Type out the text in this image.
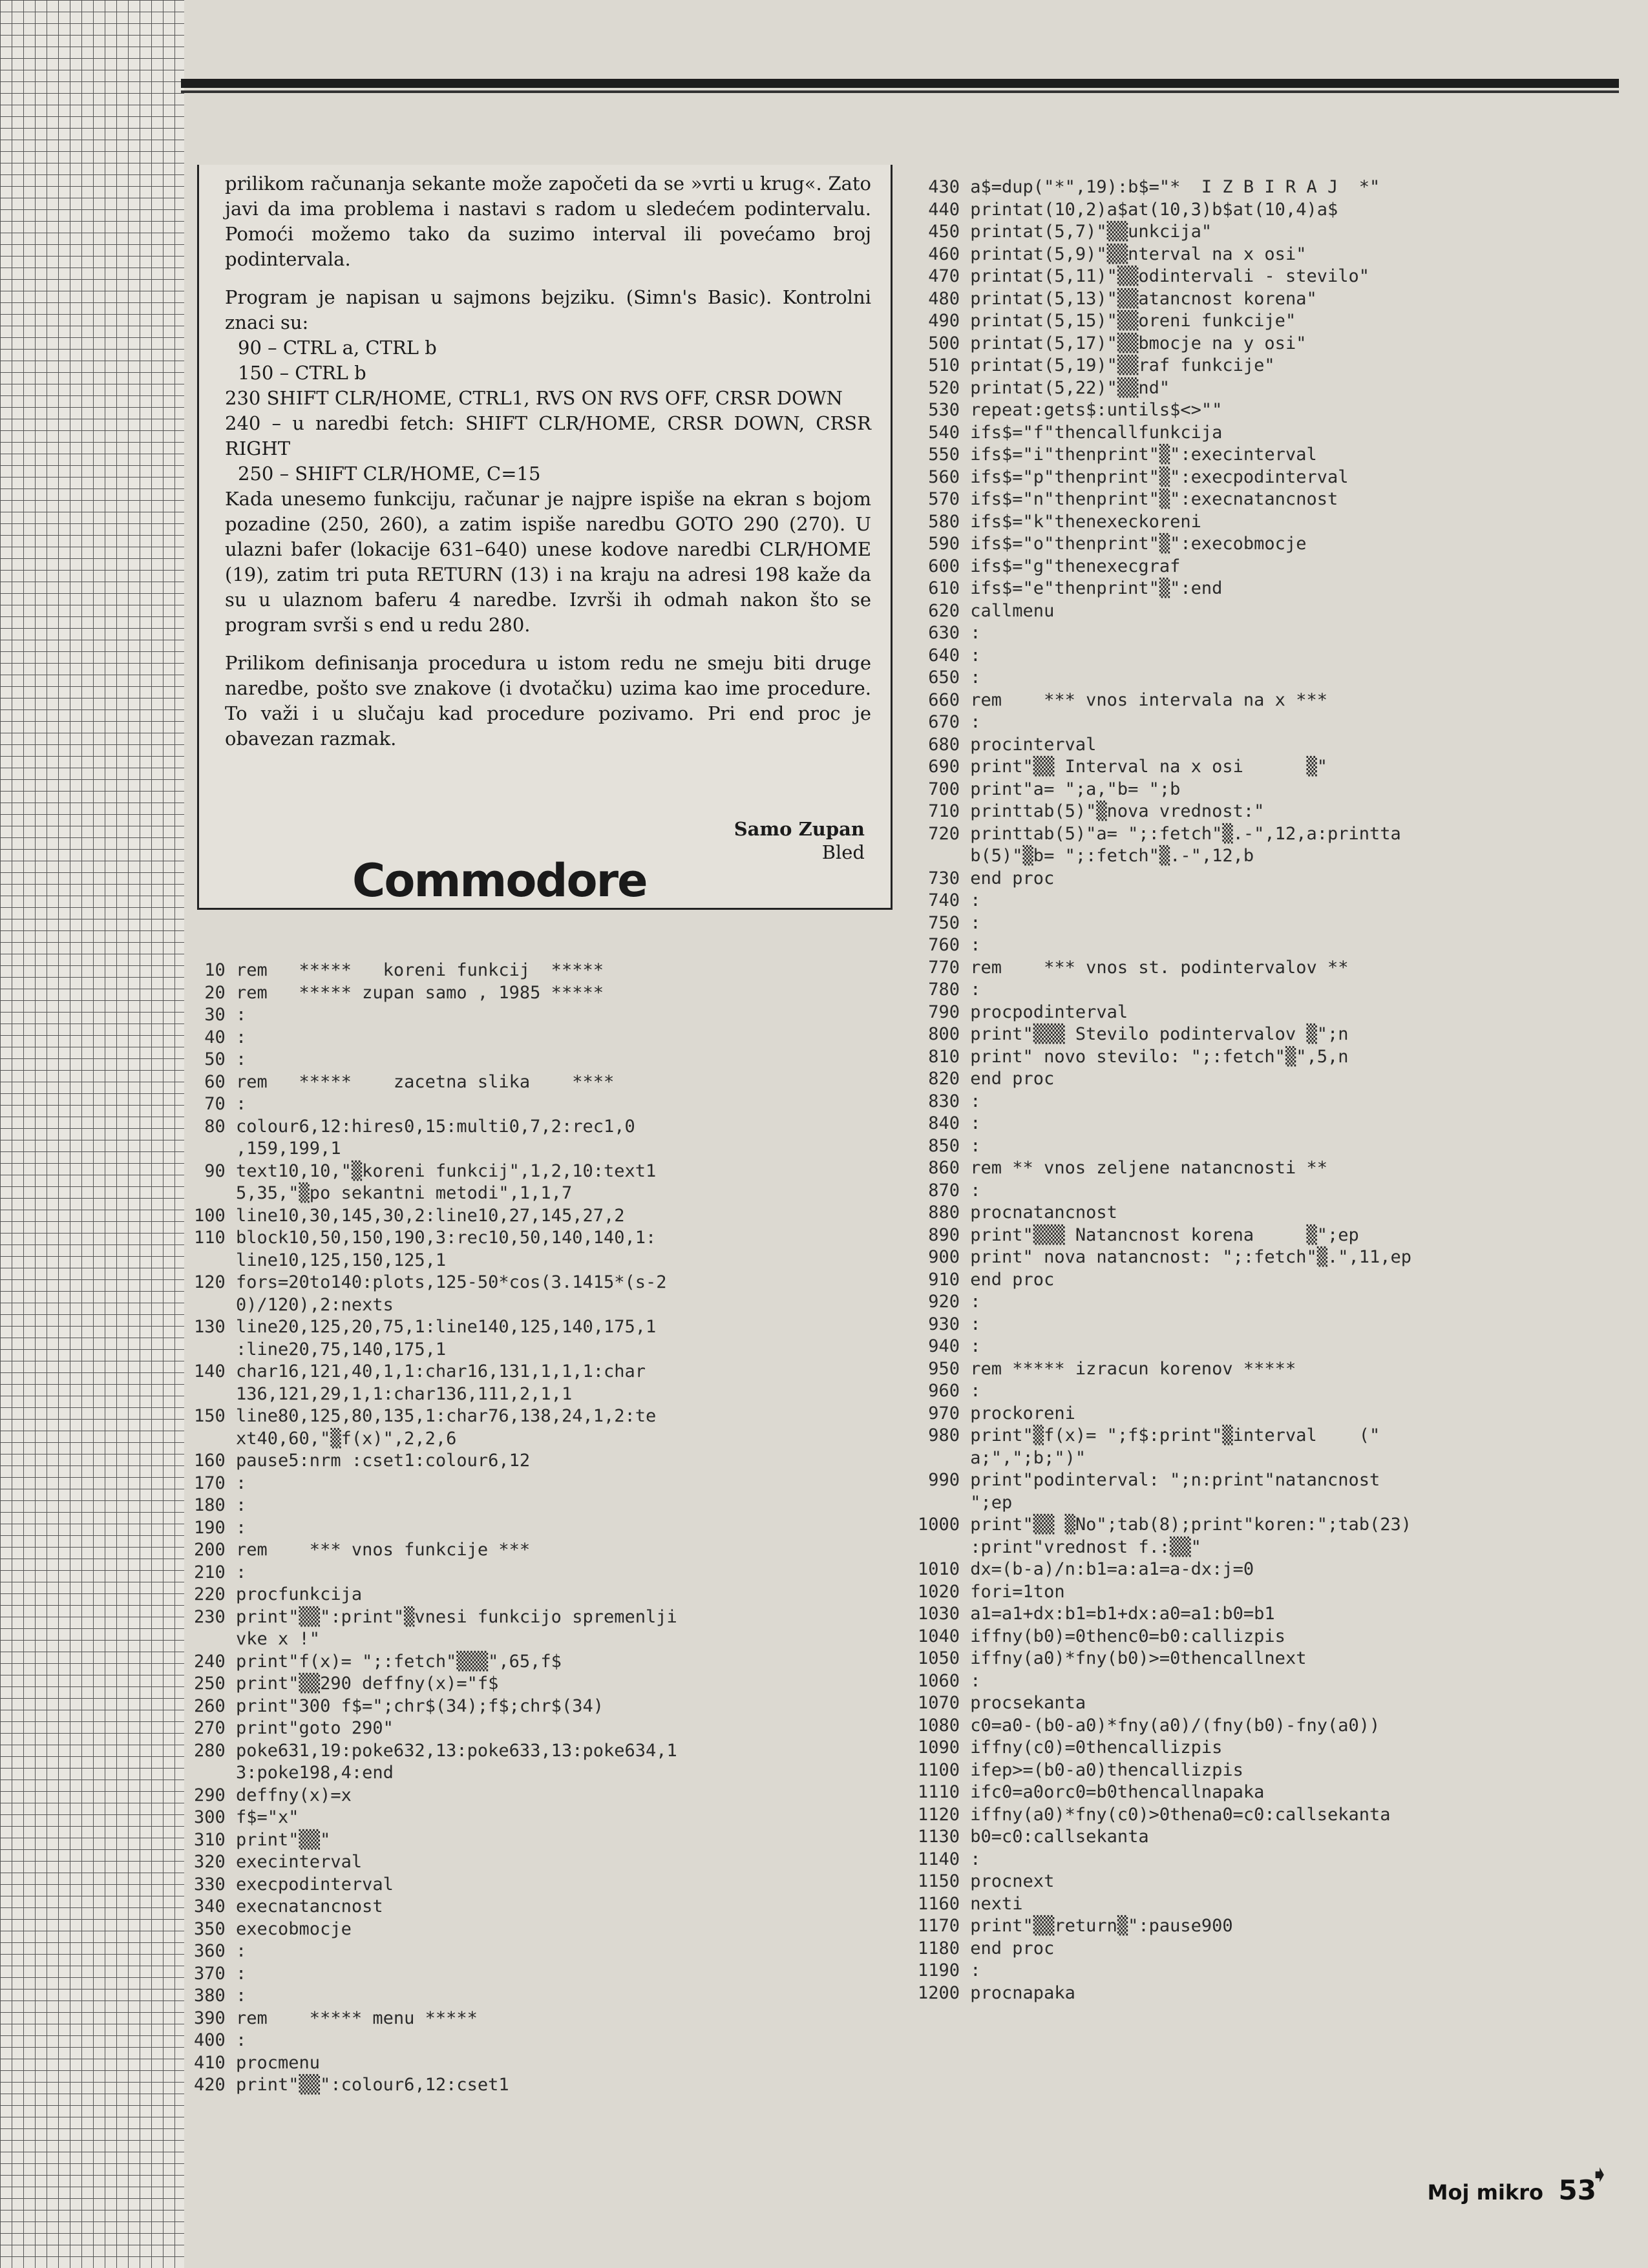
prilikom računanja sekante može započeti da se »vrti u krug«. Zato javi da ima problema i nastavi s radom u sledećem podintervalu. Pomoći možemo tako da suzimo interval ili povećamo broj podintervala.

Program je napisan u sajmons bejziku. (Simn's Basic). Kontrolni znaci su:

90 – CTRL a, CTRL b
150 – CTRL b
230 SHIFT CLR/HOME, CTRL1, RVS ON RVS OFF, CRSR DOWN
240 – u naredbi fetch: SHIFT CLR/HOME, CRSR DOWN, CRSR RIGHT
250 – SHIFT CLR/HOME, C=15

Kada unesemo funkciju, računar je najpre ispiše na ekran s bojom pozadine (250, 260), a zatim ispiše naredbu GOTO 290 (270). U ulazni bafer (lokacije 631–640) unese kodove naredbi CLR/HOME (19), zatim tri puta RETURN (13) i na kraju na adresi 198 kaže da su u ulaznom baferu 4 naredbe. Izvrši ih odmah nakon što se program svrši s end u redu 280.

Prilikom definisanja procedura u istom redu ne smeju biti druge naredbe, pošto sve znakove (i dvotačku) uzima kao ime procedure. To važi i u slučaju kad procedure pozivamo. Pri end proc je obavezan razmak.

Samo Zupan
Bled
Commodore
10 rem   *****   koreni funkcij  *****
20 rem   ***** zupan samo , 1985 *****
30 :
40 :
50 :
60 rem   *****    zacetna slika    ****
70 :
80 colour6,12:hires0,15:multi0,7,2:rec1,0
,159,199,1
90 text10,10,"▒koreni funkcij",1,2,10:text1
5,35,"▒po sekantni metodi",1,1,7
100 line10,30,145,30,2:line10,27,145,27,2
110 block10,50,150,190,3:rec10,50,140,140,1:
line10,125,150,125,1
120 fors=20to140:plots,125-50*cos(3.1415*(s-2
0)/120),2:nexts
130 line20,125,20,75,1:line140,125,140,175,1
:line20,75,140,175,1
140 char16,121,40,1,1:char16,131,1,1,1:char
136,121,29,1,1:char136,111,2,1,1
150 line80,125,80,135,1:char76,138,24,1,2:te
xt40,60,"▒f(x)",2,2,6
160 pause5:nrm :cset1:colour6,12
170 :
180 :
190 :
200 rem    *** vnos funkcije ***
210 :
220 procfunkcija
230 print"▒▒":print"▒vnesi funkcijo spremenlji
vke x !"
240 print"f(x)= ";:fetch"▒▒▒",65,f$
250 print"▒▒290 deffny(x)="f$
260 print"300 f$=";chr$(34);f$;chr$(34)
270 print"goto 290"
280 poke631,19:poke632,13:poke633,13:poke634,1
3:poke198,4:end
290 deffny(x)=x
300 f$="x"
310 print"▒▒"
320 execinterval
330 execpodinterval
340 execnatancnost
350 execobmocje
360 :
370 :
380 :
390 rem    ***** menu *****
400 :
410 procmenu
420 print"▒▒":colour6,12:cset1
430 a$=dup("*",19):b$="*  I Z B I R A J  *"
440 printat(10,2)a$at(10,3)b$at(10,4)a$
450 printat(5,7)"▒▒unkcija"
460 printat(5,9)"▒▒nterval na x osi"
470 printat(5,11)"▒▒odintervali - stevilo"
480 printat(5,13)"▒▒atancnost korena"
490 printat(5,15)"▒▒oreni funkcije"
500 printat(5,17)"▒▒bmocje na y osi"
510 printat(5,19)"▒▒raf funkcije"
520 printat(5,22)"▒▒nd"
530 repeat:gets$:untils$<>""
540 ifs$="f"thencallfunkcija
550 ifs$="i"thenprint"▒":execinterval
560 ifs$="p"thenprint"▒":execpodinterval
570 ifs$="n"thenprint"▒":execnatancnost
580 ifs$="k"thenexeckoreni
590 ifs$="o"thenprint"▒":execobmocje
600 ifs$="g"thenexecgraf
610 ifs$="e"thenprint"▒":end
620 callmenu
630 :
640 :
650 :
660 rem    *** vnos intervala na x ***
670 :
680 procinterval
690 print"▒▒ Interval na x osi      ▒"
700 print"a= ";a,"b= ";b
710 printtab(5)"▒nova vrednost:"
720 printtab(5)"a= ";:fetch"▒.-",12,a:printta
b(5)"▒b= ";:fetch"▒.-",12,b
730 end proc
740 :
750 :
760 :
770 rem    *** vnos st. podintervalov **
780 :
790 procpodinterval
800 print"▒▒▒ Stevilo podintervalov ▒";n
810 print" novo stevilo: ";:fetch"▒",5,n
820 end proc
830 :
840 :
850 :
860 rem ** vnos zeljene natancnosti **
870 :
880 procnatancnost
890 print"▒▒▒ Natancnost korena     ▒";ep
900 print" nova natancnost: ";:fetch"▒.",11,ep
910 end proc
920 :
930 :
940 :
950 rem ***** izracun korenov *****
960 :
970 prockoreni
980 print"▒f(x)= ";f$:print"▒interval    ("
a;",";b;")"
990 print"podinterval: ";n:print"natancnost
";ep
1000 print"▒▒ ▒No";tab(8);print"koren:";tab(23)
:print"vrednost f.:▒▒"
1010 dx=(b-a)/n:b1=a:a1=a-dx:j=0
1020 fori=1ton
1030 a1=a1+dx:b1=b1+dx:a0=a1:b0=b1
1040 iffny(b0)=0thenc0=b0:callizpis
1050 iffny(a0)*fny(b0)>=0thencallnext
1060 :
1070 procsekanta
1080 c0=a0-(b0-a0)*fny(a0)/(fny(b0)-fny(a0))
1090 iffny(c0)=0thencallizpis
1100 ifep>=(b0-a0)thencallizpis
1110 ifc0=a0orc0=b0thencallnapaka
1120 iffny(a0)*fny(c0)>0thena0=c0:callsekanta
1130 b0=c0:callsekanta
1140 :
1150 procnext
1160 nexti
1170 print"▒▒return▒":pause900
1180 end proc
1190 :
1200 procnapaka
➧
Moj mikro 53
